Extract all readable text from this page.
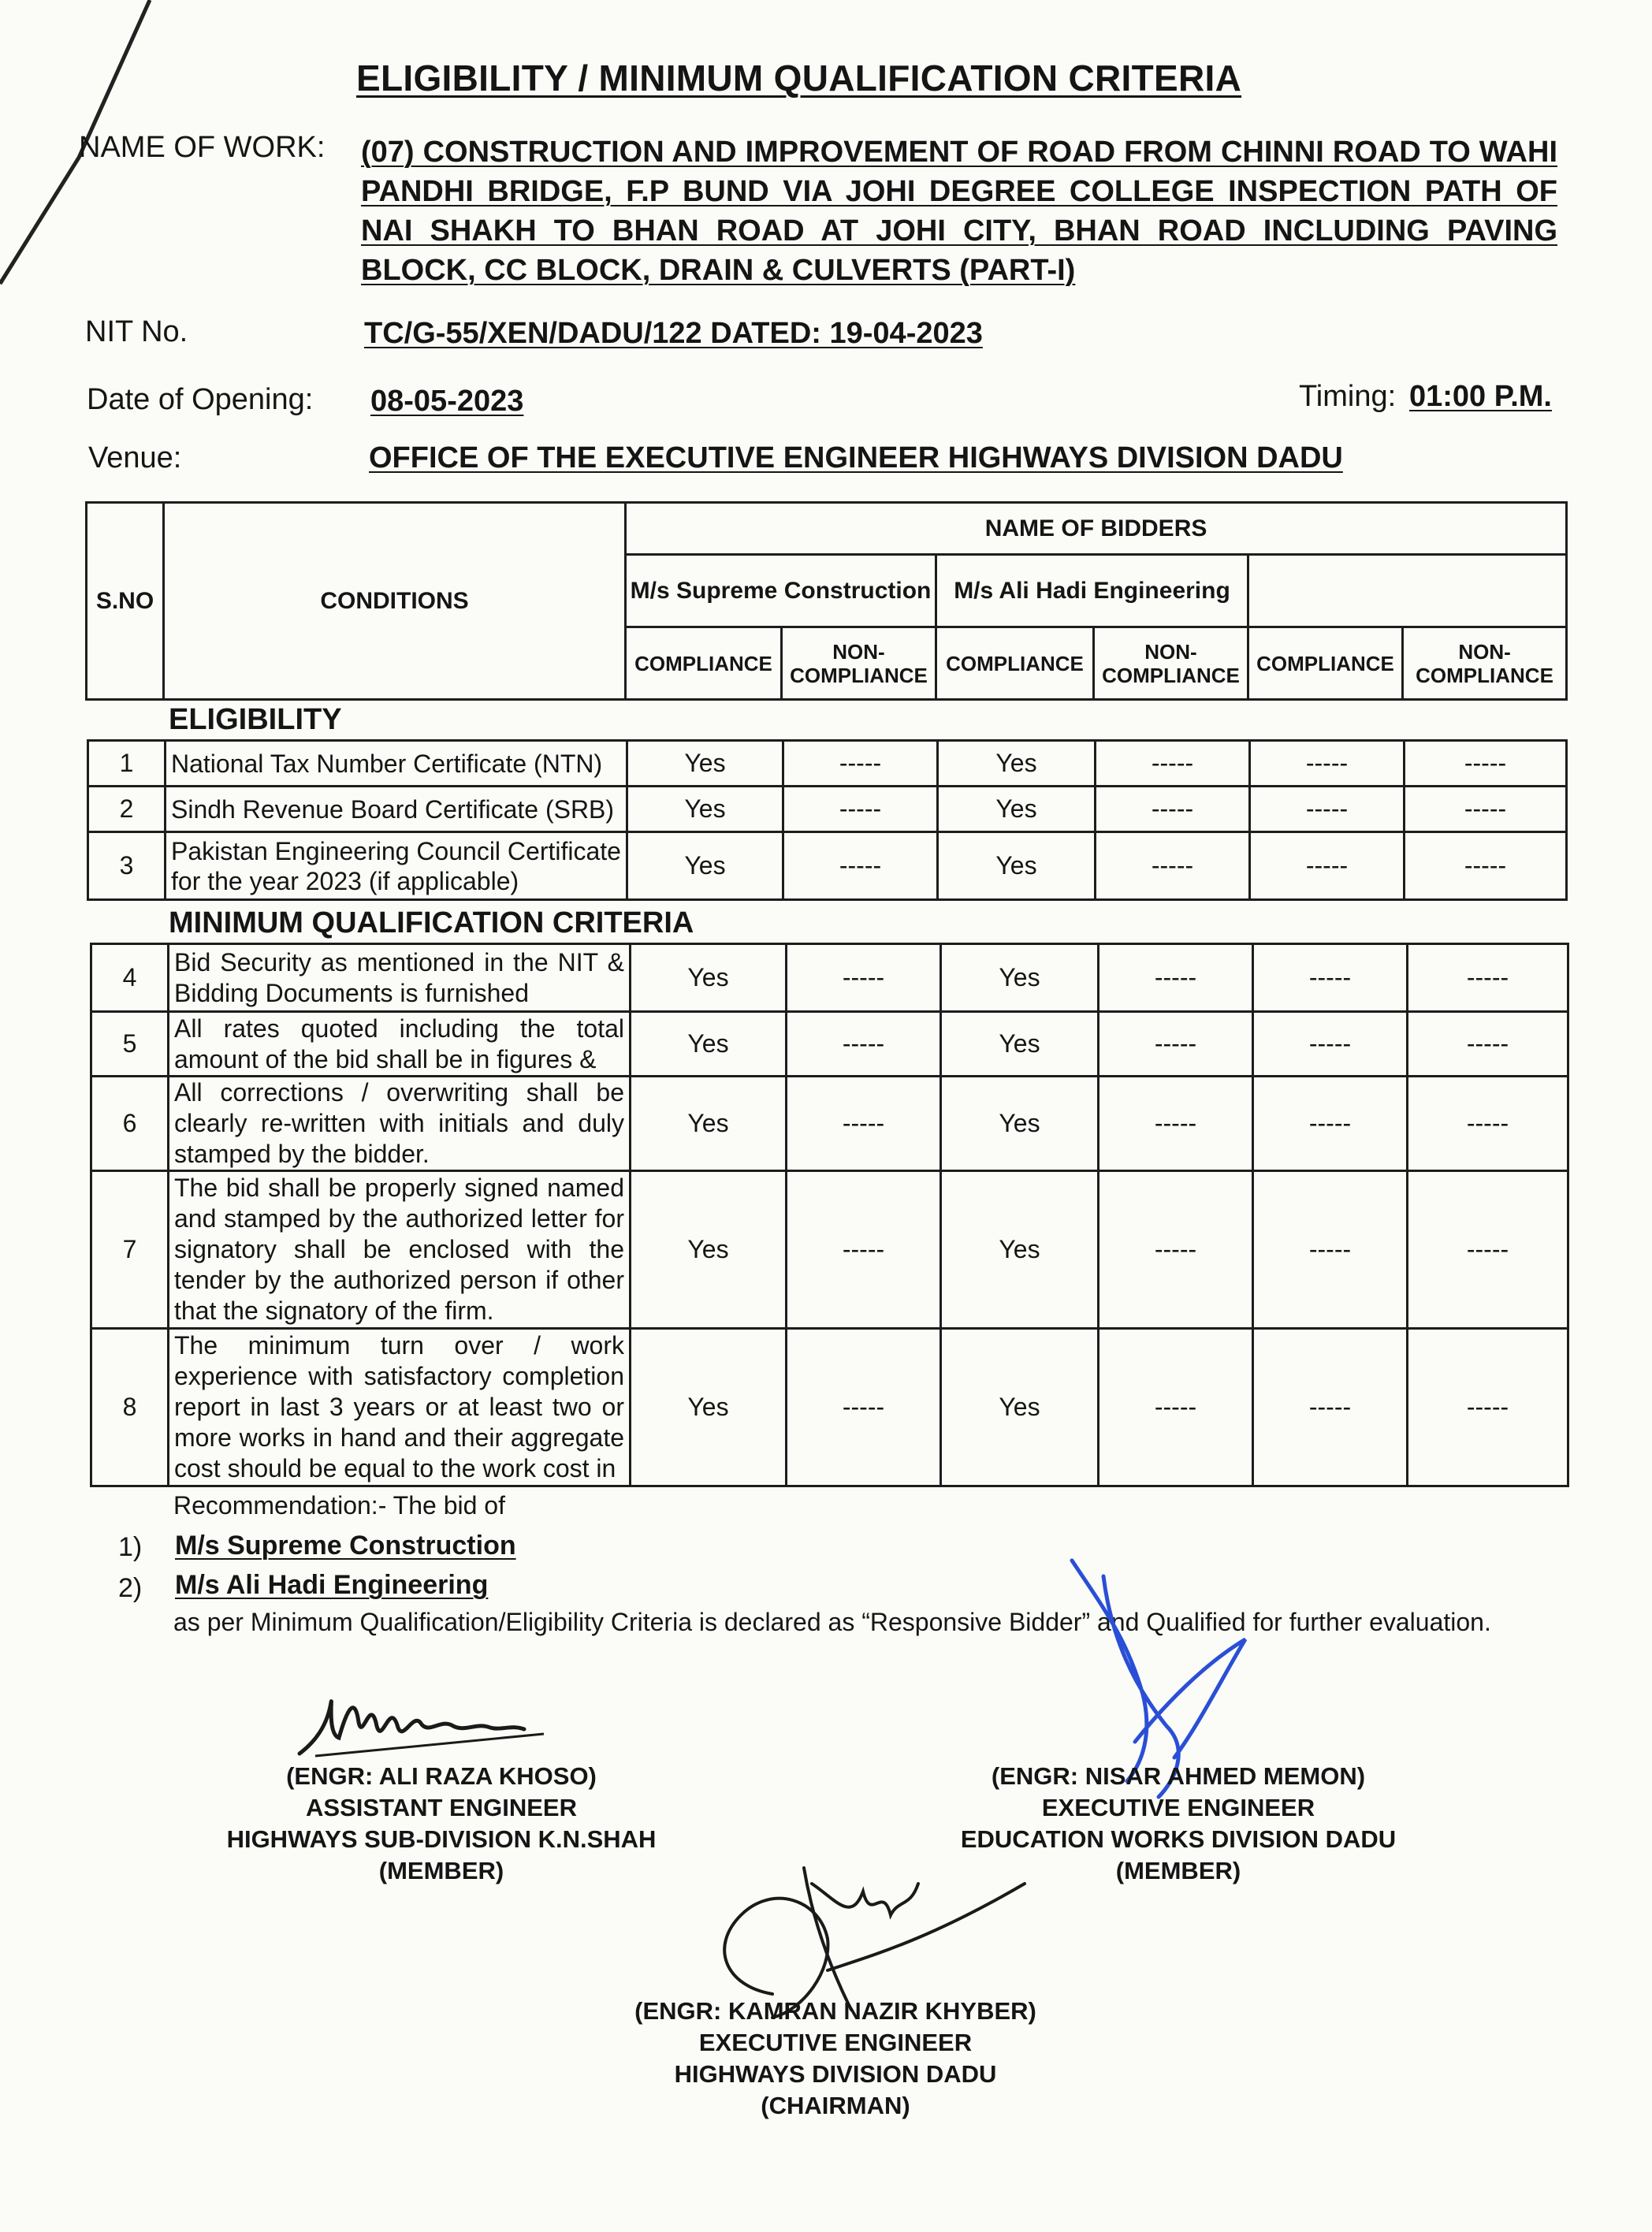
ELIGIBILITY / MINIMUM QUALIFICATION CRITERIA
NAME OF WORK: (07) CONSTRUCTION AND IMPROVEMENT OF ROAD FROM CHINNI ROAD TO WAHI PANDHI BRIDGE, F.P BUND VIA JOHI DEGREE COLLEGE INSPECTION PATH OF NAI SHAKH TO BHAN ROAD AT JOHI CITY, BHAN ROAD INCLUDING PAVING BLOCK, CC BLOCK, DRAIN & CULVERTS (PART-I)
NIT No.	TC/G-55/XEN/DADU/122 DATED: 19-04-2023
Date of Opening: 08-05-2023	Timing: 01:00 P.M.
Venue:	OFFICE OF THE EXECUTIVE ENGINEER HIGHWAYS DIVISION DADU
S.NO	CONDITIONS	NAME OF BIDDERS					
		M/s Supreme Construction		M/s Ali Hadi Engineering			
		COMPLIANCE	NON-COMPLIANCE	COMPLIANCE	NON-COMPLIANCE	COMPLIANCE	NON-COMPLIANCE
ELIGIBILITY
1	National Tax Number Certificate (NTN)	Yes	-----	Yes	-----	-----	-----
2	Sindh Revenue Board Certificate (SRB)	Yes	-----	Yes	-----	-----	-----
3	Pakistan Engineering Council Certificate for the year 2023 (if applicable)	Yes	-----	Yes	-----	-----	-----
MINIMUM QUALIFICATION CRITERIA
4	Bid Security as mentioned in the NIT & Bidding Documents is furnished	Yes	-----	Yes	-----	-----	-----
5	All rates quoted including the total amount of the bid shall be in figures &	Yes	-----	Yes	-----	-----	-----
6	All corrections / overwriting shall be clearly re-written with initials and duly stamped by the bidder.	Yes	-----	Yes	-----	-----	-----
7	The bid shall be properly signed named and stamped by the authorized letter for signatory shall be enclosed with the tender by the authorized person if other that the signatory of the firm.	Yes	-----	Yes	-----	-----	-----
8	The minimum turn over / work experience with satisfactory completion report in last 3 years or at least two or more works in hand and their aggregate cost should be equal to the work cost in	Yes	-----	Yes	-----	-----	-----
Recommendation:- The bid of
1) M/s Supreme Construction
2) M/s Ali Hadi Engineering
as per Minimum Qualification/Eligibility Criteria is declared as “Responsive Bidder” and Qualified for further evaluation.
(ENGR: ALI RAZA KHOSO)
ASSISTANT ENGINEER
HIGHWAYS SUB-DIVISION K.N.SHAH
(MEMBER)
(ENGR: NISAR AHMED MEMON)
EXECUTIVE ENGINEER
EDUCATION WORKS DIVISION DADU
(MEMBER)
(ENGR: KAMRAN NAZIR KHYBER)
EXECUTIVE ENGINEER
HIGHWAYS DIVISION DADU
(CHAIRMAN)
